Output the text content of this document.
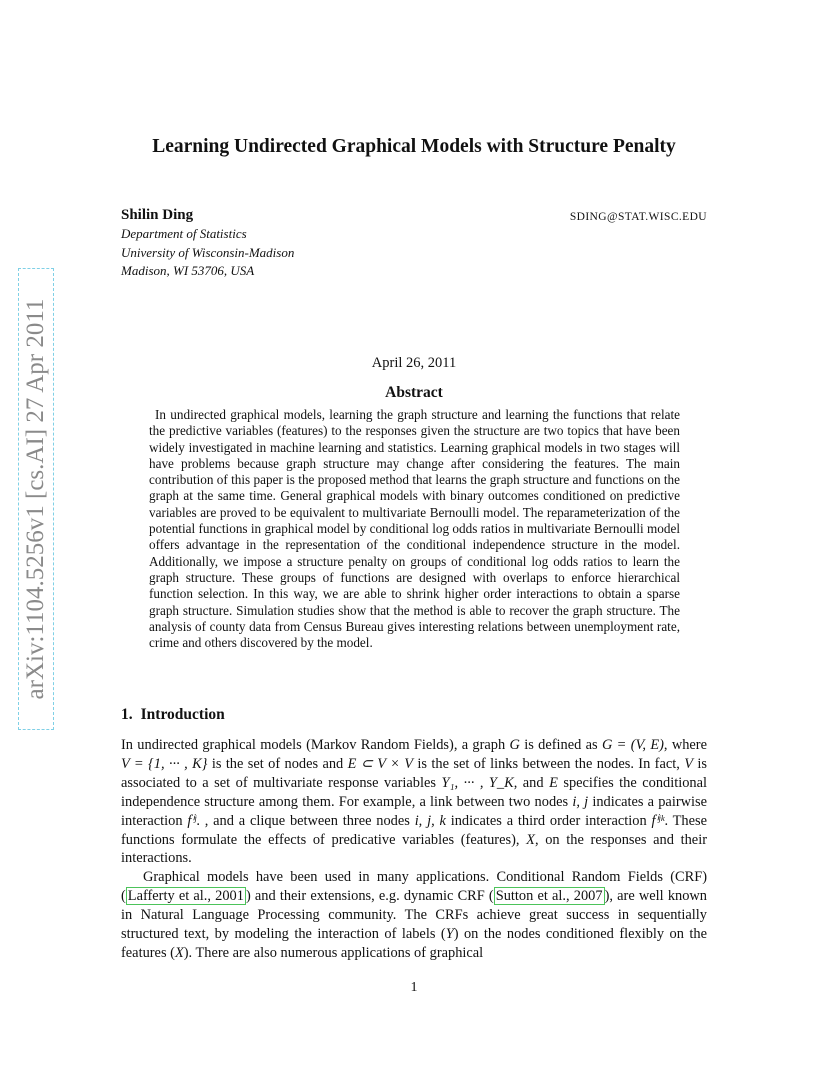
arXiv:1104.5256v1 [cs.AI] 27 Apr 2011
Learning Undirected Graphical Models with Structure Penalty
Shilin Ding	SDING@STAT.WISC.EDU
Department of Statistics
University of Wisconsin-Madison
Madison, WI 53706, USA
April 26, 2011
Abstract
In undirected graphical models, learning the graph structure and learning the functions that relate the predictive variables (features) to the responses given the structure are two topics that have been widely investigated in machine learning and statistics. Learning graphical models in two stages will have problems because graph structure may change after considering the features. The main contribution of this paper is the proposed method that learns the graph structure and functions on the graph at the same time. General graphical models with binary outcomes conditioned on predictive variables are proved to be equivalent to multivariate Bernoulli model. The reparameterization of the potential functions in graphical model by conditional log odds ratios in multivariate Bernoulli model offers advantage in the representation of the conditional independence structure in the model. Additionally, we impose a structure penalty on groups of conditional log odds ratios to learn the graph structure. These groups of functions are designed with overlaps to enforce hierarchical function selection. In this way, we are able to shrink higher order interactions to obtain a sparse graph structure. Simulation studies show that the method is able to recover the graph structure. The analysis of county data from Census Bureau gives interesting relations between unemployment rate, crime and others discovered by the model.
1. Introduction

In undirected graphical models (Markov Random Fields), a graph G is defined as G = (V, E), where V = {1, ··· , K} is the set of nodes and E ⊂ V × V is the set of links between the nodes. In fact, V is associated to a set of multivariate response variables Y₁, ··· , Y_K, and E specifies the conditional independence structure among them. For example, a link between two nodes i, j indicates a pairwise interaction fⁱʲ. , and a clique between three nodes i, j, k indicates a third order interaction fⁱʲᵏ. These functions formulate the effects of predicative variables (features), X, on the responses and their interactions.

Graphical models have been used in many applications. Conditional Random Fields (CRF) ( Lafferty et al., 2001 ) and their extensions, e.g. dynamic CRF ( Sutton et al., 2007 ), are well known in Natural Language Processing community. The CRFs achieve great success in sequentially structured text, by modeling the interaction of labels (Y) on the nodes conditioned flexibly on the features (X). There are also numerous applications of graphical

1
